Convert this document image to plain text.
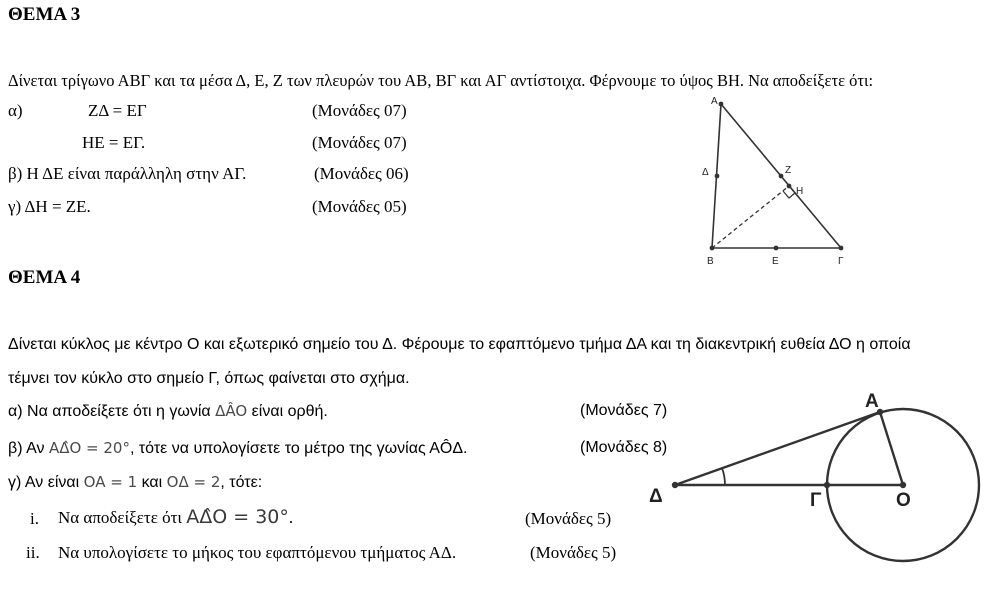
ΘΕΜΑ 3
Δίνεται τρίγωνο ΑΒΓ και τα μέσα Δ, Ε, Ζ των πλευρών του ΑΒ, ΒΓ και ΑΓ αντίστοιχα. Φέρνουμε το ύψος ΒΗ. Να αποδείξετε ότι:
α)	ΖΔ = ΕΓ	(Μονάδες 07)
ΗΕ = ΕΓ.	(Μονάδες 07)
β) Η ΔΕ είναι παράλληλη στην ΑΓ.	(Μονάδες 06)
γ) ΔΗ = ΖΕ.	(Μονάδες 05)
Α
Β	Γ
Δ
Ε
Ζ
Η
ΘΕΜΑ 4
Δίνεται κύκλος με κέντρο Ο και εξωτερικό σημείο του Δ. Φέρουμε το εφαπτόμενο τμήμα ΔΑ και τη διακεντρική ευθεία ΔΟ η οποία
τέμνει τον κύκλο στο σημείο Γ, όπως φαίνεται στο σχήμα.
α) Να αποδείξετε ότι η γωνία ΔÂO είναι ορθή.	(Μονάδες 7)
β) Αν AΔ̂O = 20°, τότε να υπολογίσετε το μέτρο της γωνίας ΑÔΔ.	(Μονάδες 8)
γ) Αν είναι OA = 1 και OΔ = 2, τότε:
i. Να αποδείξετε ότι AΔ̂O = 30°.	(Μονάδες 5)
ii. Να υπολογίσετε το μήκος του εφαπτόμενου τμήματος ΑΔ.	(Μονάδες 5)
Α
Δ	Γ	Ο
